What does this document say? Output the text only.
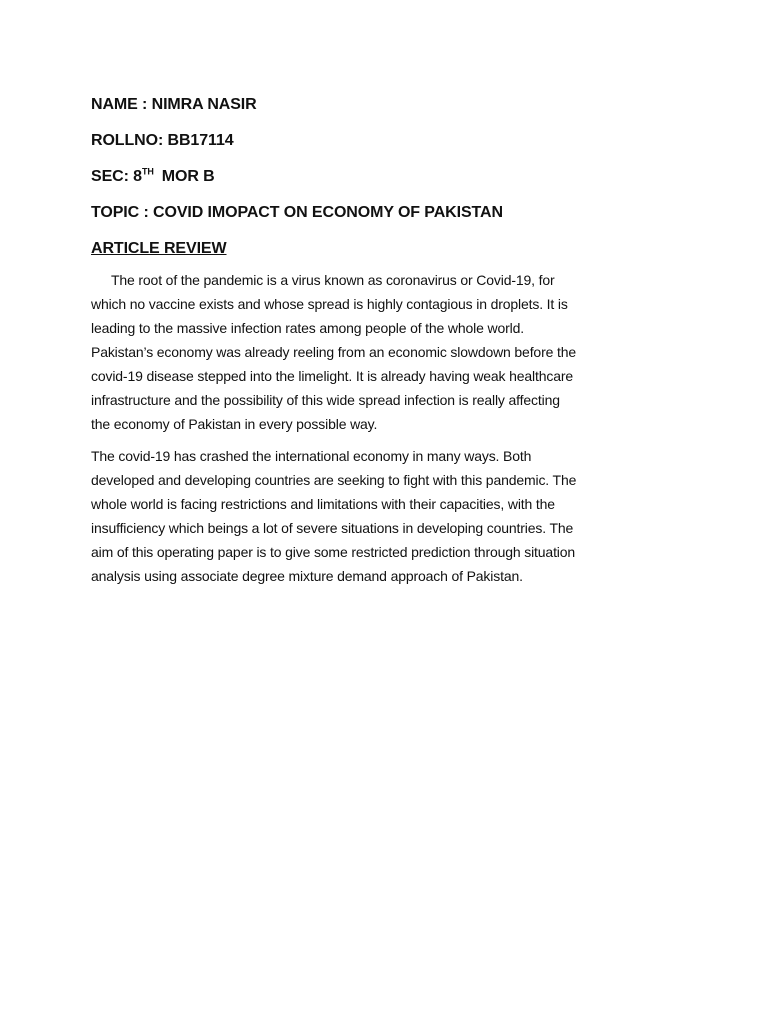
NAME : NIMRA NASIR
ROLLNO: BB17114
SEC: 8TH MOR B
TOPIC : COVID IMOPACT ON ECONOMY OF PAKISTAN
ARTICLE REVIEW
The root of the pandemic is a virus known as coronavirus or Covid-19, for
which no vaccine exists and whose spread is highly contagious in droplets. It is
leading to the massive infection rates among people of the whole world.
Pakistan’s economy was already reeling from an economic slowdown before the
covid-19 disease stepped into the limelight. It is already having weak healthcare
infrastructure and the possibility of this wide spread infection is really affecting
the economy of Pakistan in every possible way.
The covid-19 has crashed the international economy in many ways. Both
developed and developing countries are seeking to fight with this pandemic. The
whole world is facing restrictions and limitations with their capacities, with the
insufficiency which beings a lot of severe situations in developing countries. The
aim of this operating paper is to give some restricted prediction through situation
analysis using associate degree mixture demand approach of Pakistan.
